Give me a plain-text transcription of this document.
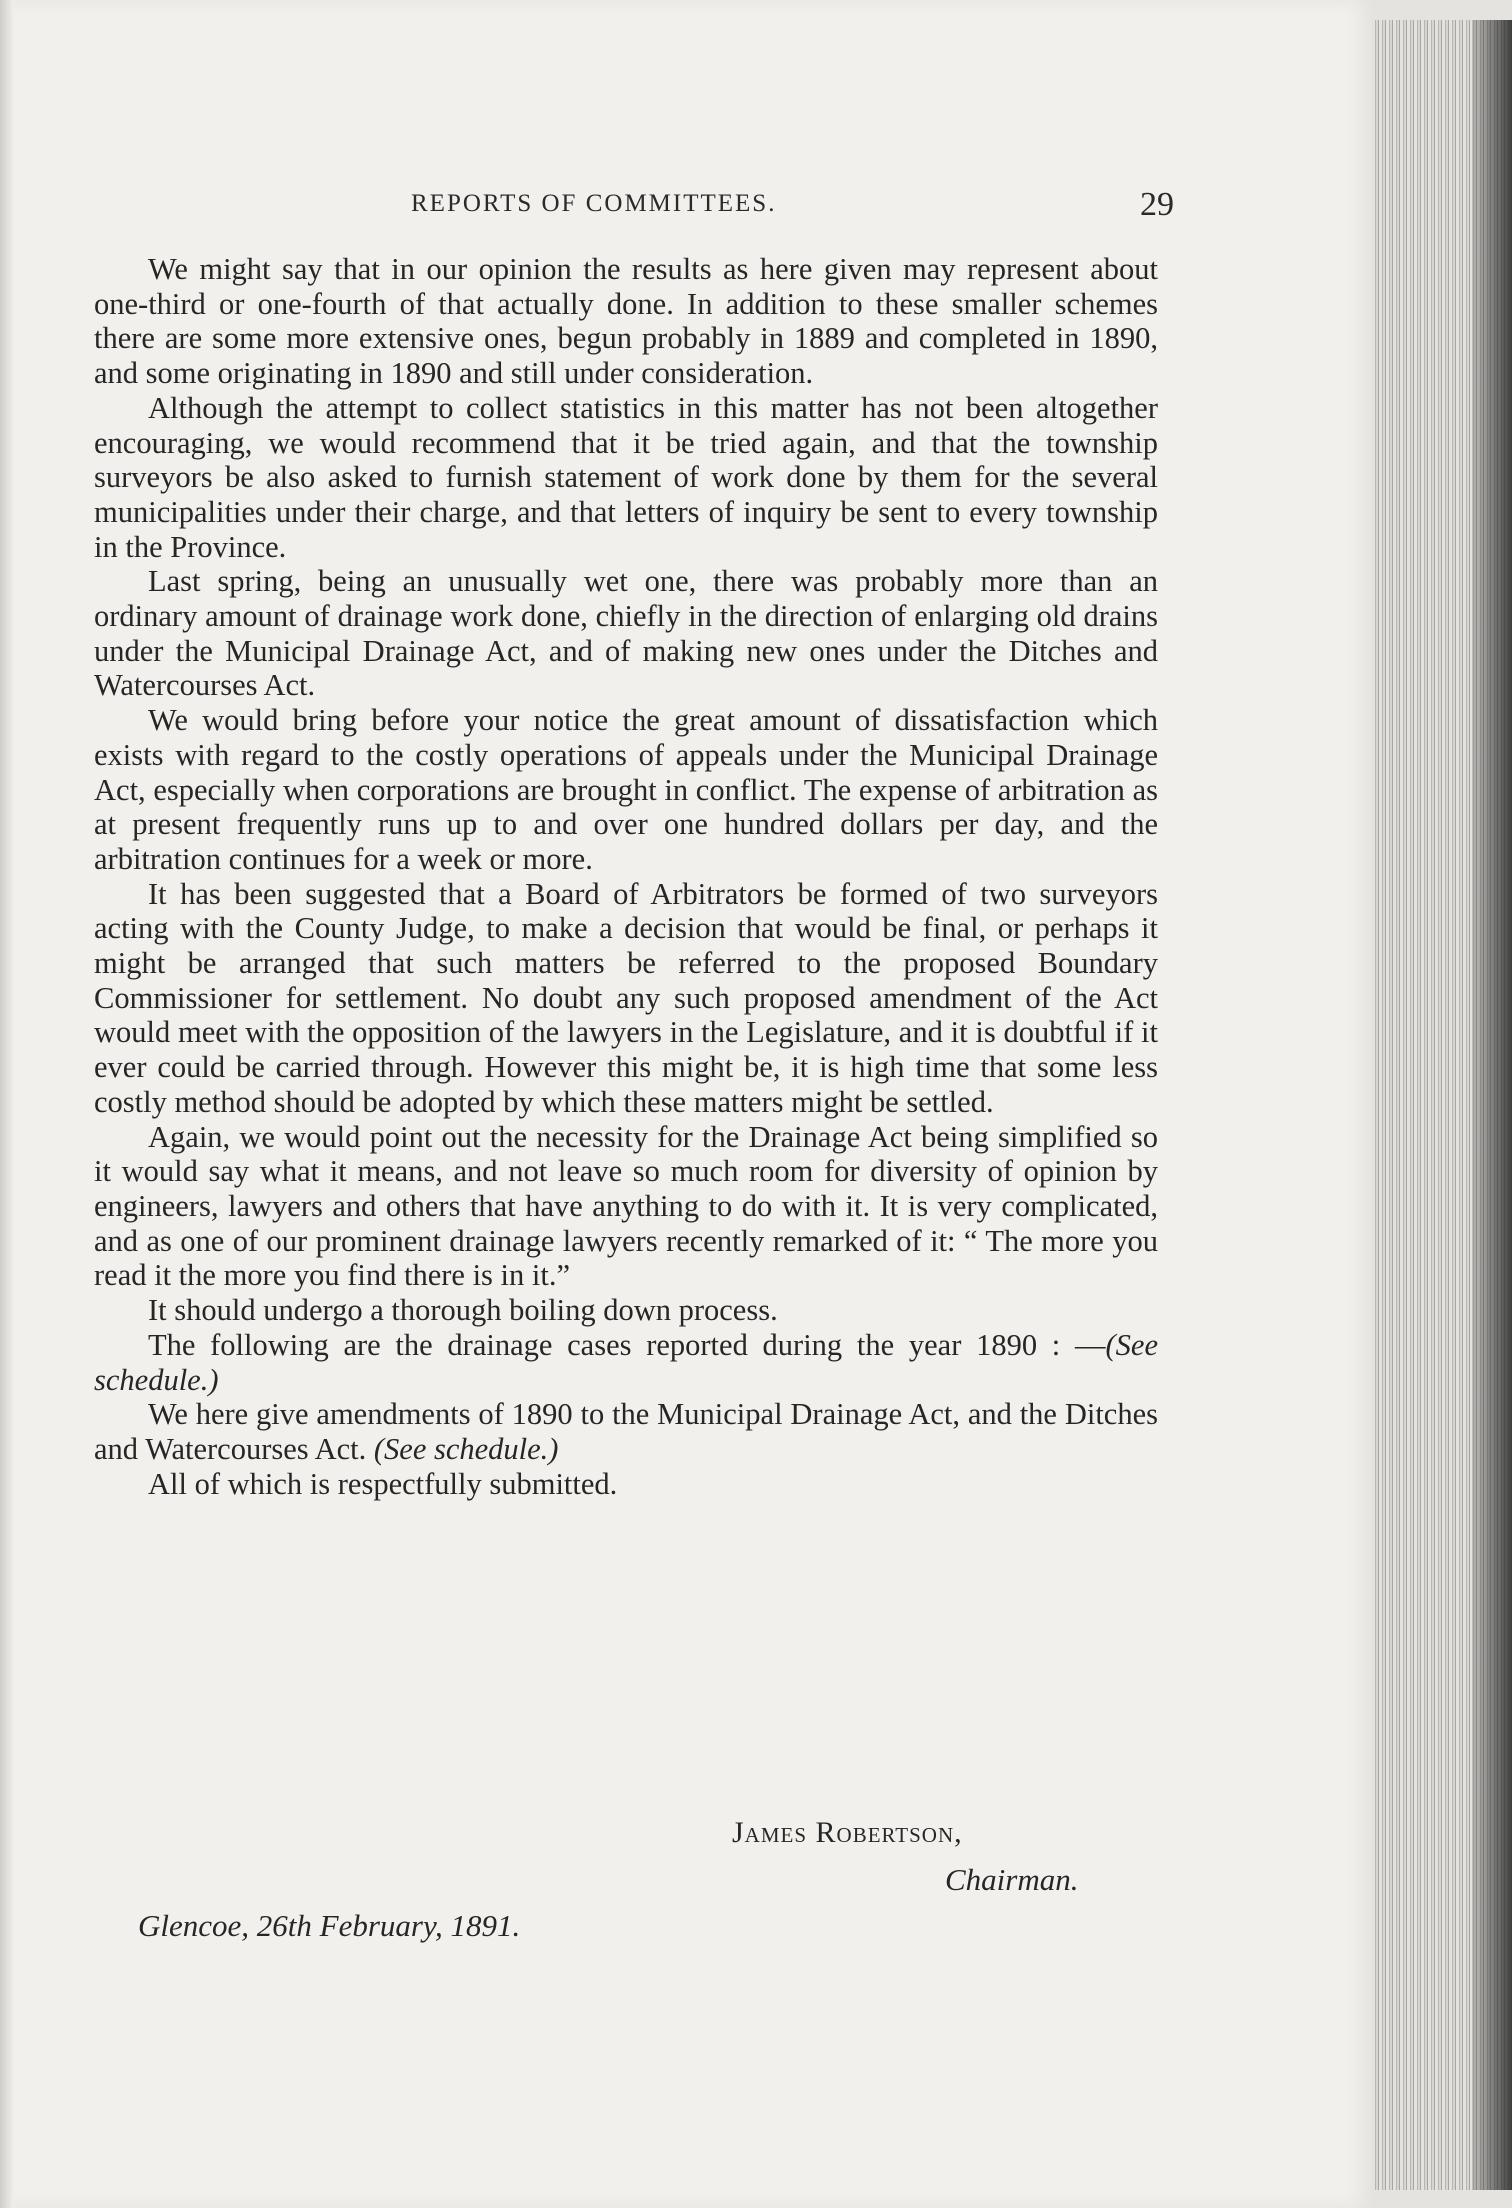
REPORTS OF COMMITTEES.	29

We might say that in our opinion the results as here given may represent about one-third or one-fourth of that actually done. In addition to these smaller schemes there are some more extensive ones, begun probably in 1889 and completed in 1890, and some originating in 1890 and still under consideration.

Although the attempt to collect statistics in this matter has not been altogether encouraging, we would recommend that it be tried again, and that the township surveyors be also asked to furnish statement of work done by them for the several municipalities under their charge, and that letters of inquiry be sent to every township in the Province.

Last spring, being an unusually wet one, there was probably more than an ordinary amount of drainage work done, chiefly in the direction of enlarging old drains under the Municipal Drainage Act, and of making new ones under the Ditches and Watercourses Act.

We would bring before your notice the great amount of dissatisfaction which exists with regard to the costly operations of appeals under the Municipal Drainage Act, especially when corporations are brought in conflict. The expense of arbitration as at present frequently runs up to and over one hundred dollars per day, and the arbitration continues for a week or more.

It has been suggested that a Board of Arbitrators be formed of two surveyors acting with the County Judge, to make a decision that would be final, or perhaps it might be arranged that such matters be referred to the proposed Boundary Commissioner for settlement. No doubt any such proposed amendment of the Act would meet with the opposition of the lawyers in the Legislature, and it is doubtful if it ever could be carried through. However this might be, it is high time that some less costly method should be adopted by which these matters might be settled.

Again, we would point out the necessity for the Drainage Act being simplified so it would say what it means, and not leave so much room for diversity of opinion by engineers, lawyers and others that have anything to do with it. It is very complicated, and as one of our prominent drainage lawyers recently remarked of it: “ The more you read it the more you find there is in it.”

It should undergo a thorough boiling down process.

The following are the drainage cases reported during the year 1890 : —(See schedule.)

We here give amendments of 1890 to the Municipal Drainage Act, and the Ditches and Watercourses Act. (See schedule.)

All of which is respectfully submitted.

James Robertson,
Chairman.
Glencoe, 26th February, 1891.
